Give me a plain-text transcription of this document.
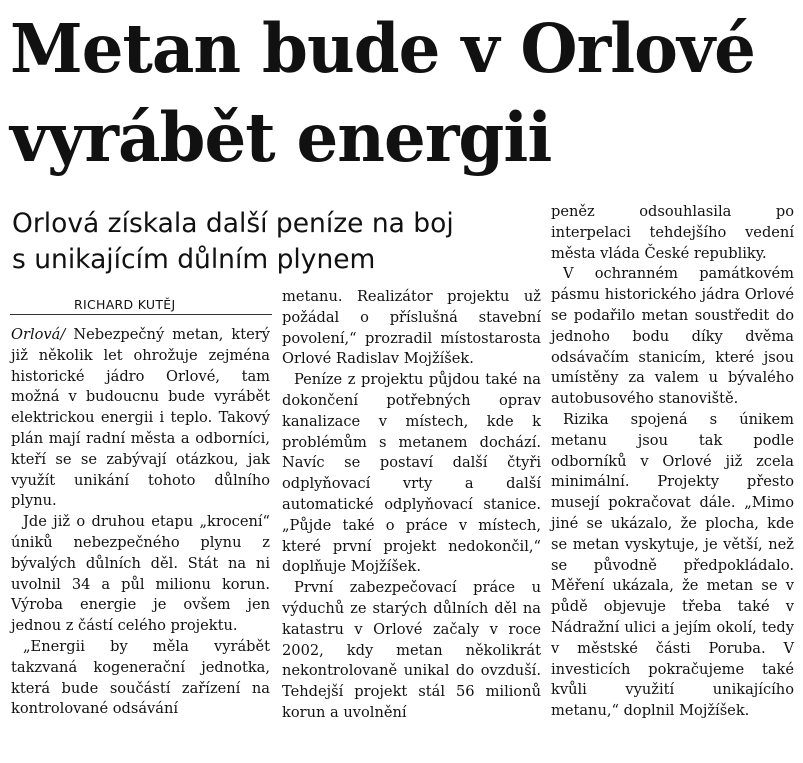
Metan bude v Orlové
vyrábět energii
Orlová získala další peníze na boj
s unikajícím důlním plynem
RICHARD KUTĚJ

Orlová/ Nebezpečný metan, který již několik let ohrožuje zejména historické jádro Orlové, tam možná v budoucnu bude vyrábět elektrickou energii i teplo. Takový plán mají radní města a odborníci, kteří se se zabývají otázkou, jak využít unikání tohoto důlního plynu.

Jde již o druhou etapu „krocení“ úniků nebezpečného plynu z bývalých důlních děl. Stát na ni uvolnil 34 a půl milionu korun. Výroba energie je ovšem jen jednou z částí celého projektu.

„Energii by měla vyrábět takzvaná kogenerační jednotka, která bude součástí zařízení na kontrolované odsávání

metanu. Realizátor projektu už požádal o příslušná stavební povolení,“ prozradil místostarosta Orlové Radislav Mojžíšek.

Peníze z projektu půjdou také na dokončení potřebných oprav kanalizace v místech, kde k problémům s metanem dochází. Navíc se postaví další čtyři odplyňovací vrty a další automatické odplyňovací stanice. „Půjde také o práce v místech, které první projekt nedokončil,“ doplňuje Mojžíšek.

První zabezpečovací práce u výduchů ze starých důlních děl na katastru v Orlové začaly v roce 2002, kdy metan několikrát nekontrolovaně unikal do ovzduší. Tehdejší projekt stál 56 milionů korun a uvolnění

peněz odsouhlasila po interpelaci tehdejšího vedení města vláda České republiky.

V ochranném památkovém pásmu historického jádra Orlové se podařilo metan soustředit do jednoho bodu díky dvěma odsávačím stanicím, které jsou umístěny za valem u bývalého autobusového stanoviště.

Rizika spojená s únikem metanu jsou tak podle odborníků v Orlové již zcela minimální. Projekty přesto musejí pokračovat dále. „Mimo jiné se ukázalo, že plocha, kde se metan vyskytuje, je větší, než se původně předpokládalo. Měření ukázala, že metan se v půdě objevuje třeba také v Nádražní ulici a jejím okolí, tedy v městské části Poruba. V investicích pokračujeme také kvůli využití unikajícího metanu,“ doplnil Mojžíšek.
